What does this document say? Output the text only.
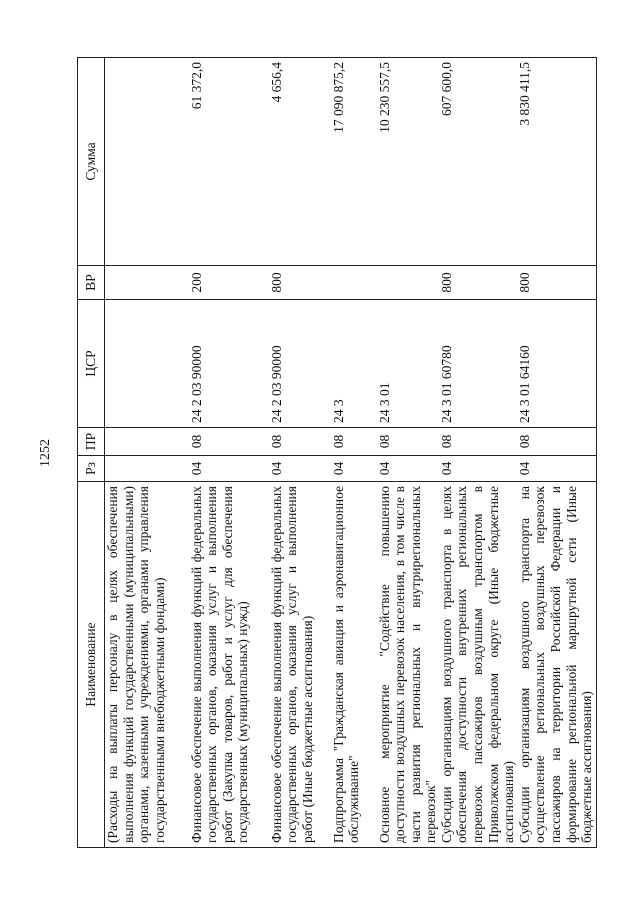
1252
Наименование	Рз	ПР	ЦСР	ВР	Сумма
(Расходы на выплаты персоналу в целях обеспечения выполнения функций государственными (муниципальными) органами, казенными учреждениями, органами управления государственными внебюджетными фондами)					
Финансовое обеспечение выполнения функций федеральных государственных органов, оказания услуг и выполнения работ (Закупка товаров, работ и услуг для обеспечения государственных (муниципальных) нужд)	04	08	24 2 03 90000	200	61 372,0
Финансовое обеспечение выполнения функций федеральных государственных органов, оказания услуг и выполнения работ (Иные бюджетные ассигнования)	04	08	24 2 03 90000	800	4 656,4
Подпрограмма "Гражданская авиация и аэронавигационное обслуживание"	04	08	24 3		17 090 875,2
Основное мероприятие "Содействие повышению доступности воздушных перевозок населения, в том числе в части развития региональных и внутрирегиональных перевозок"	04	08	24 3 01		10 230 557,5
Субсидии организациям воздушного транспорта в целях обеспечения доступности внутренних региональных перевозок пассажиров воздушным транспортом в Приволжском федеральном округе (Иные бюджетные ассигнования)	04	08	24 3 01 60780	800	607 600,0
Субсидии организациям воздушного транспорта на осуществление региональных воздушных перевозок пассажиров на территории Российской Федерации и формирование региональной маршрутной сети (Иные бюджетные ассигнования)	04	08	24 3 01 64160	800	3 830 411,5
